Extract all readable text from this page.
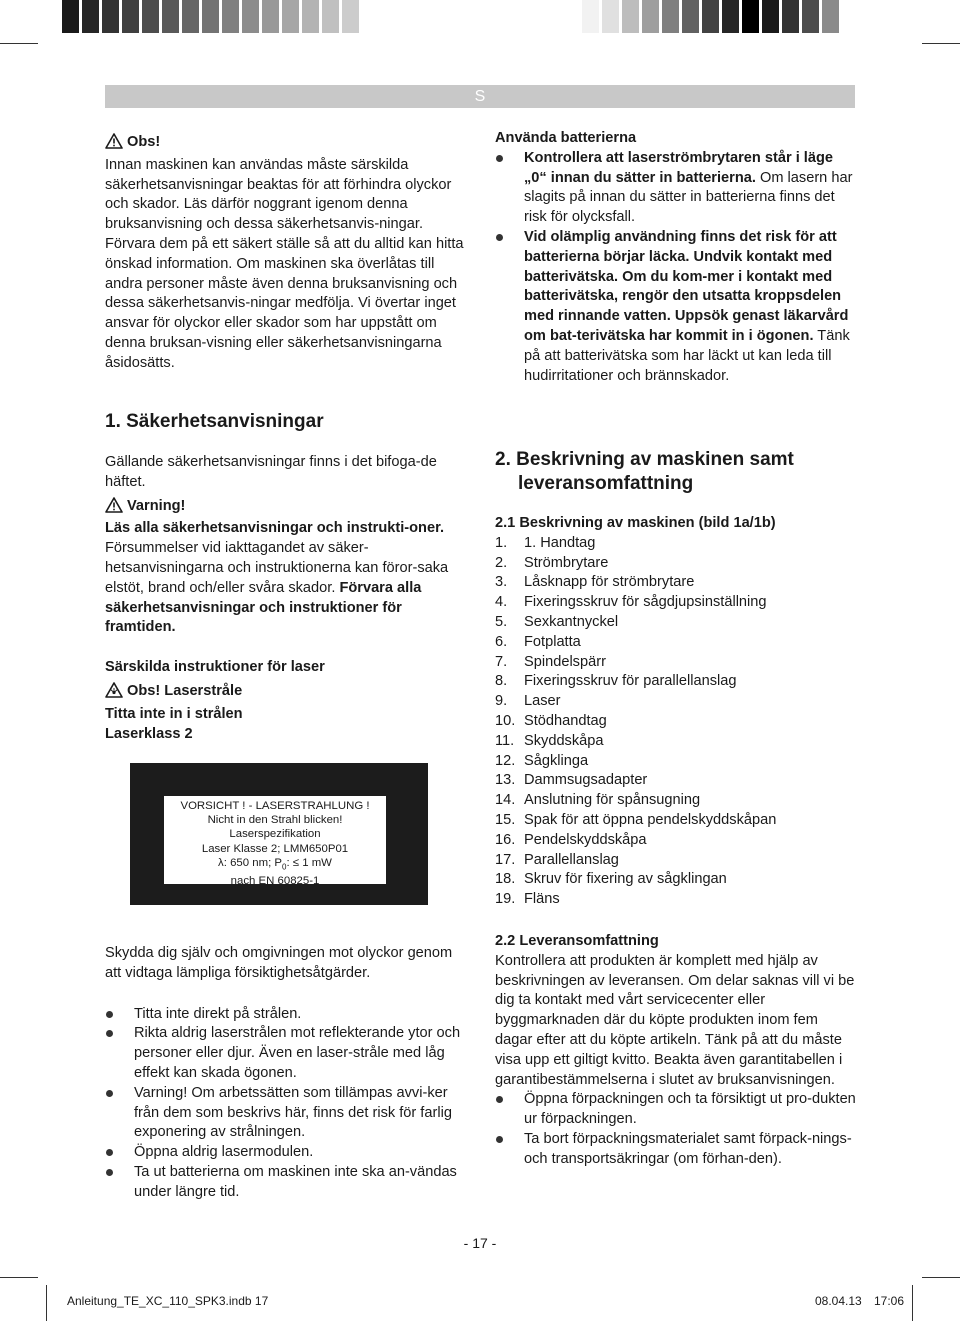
S

Obs!

Innan maskinen kan användas måste särskilda säkerhetsanvisningar beaktas för att förhindra olyckor och skador. Läs därför noggrant igenom denna bruksanvisning och dessa säkerhetsanvis-ningar. Förvara dem på ett säkert ställe så att du alltid kan hitta önskad information. Om maskinen ska överlåtas till andra personer måste även denna bruksanvisning och dessa säkerhetsanvis-ningar medfölja. Vi övertar inget ansvar för olyckor eller skador som har uppstått om denna bruksan-visning eller säkerhetsanvisningarna åsidosätts.

1. Säkerhetsanvisningar

Gällande säkerhetsanvisningar finns i det bifoga-de häftet.

Varning!

Läs alla säkerhetsanvisningar och instrukti-oner. Försummelser vid iakttagandet av säker-hetsanvisningarna och instruktionerna kan föror-saka elstöt, brand och/eller svåra skador. Förvara alla säkerhetsanvisningar och instruktioner för framtiden.

Särskilda instruktioner för laser

Obs! Laserstråle

Titta inte in i strålen

Laserklass 2

VORSICHT ! - LASERSTRAHLUNG !
Nicht in den Strahl blicken!
Laserspezifikation
Laser Klasse 2; LMM650P01
λ: 650 nm; $P_0$: ≤ 1 mW
nach EN 60825-1

Skydda dig själv och omgivningen mot olyckor genom att vidtaga lämpliga försiktighetsåtgärder.

Titta inte direkt på strålen.
Rikta aldrig laserstrålen mot reflekterande ytor och personer eller djur. Även en laser-stråle med låg effekt kan skada ögonen.
Varning! Om arbetssätten som tillämpas avvi-ker från dem som beskrivs här, finns det risk för farlig exponering av strålningen.
Öppna aldrig lasermodulen.
Ta ut batterierna om maskinen inte ska an-vändas under längre tid.

Använda batterierna

Kontrollera att laserströmbrytaren står i läge „0“ innan du sätter in batterierna. Om lasern har slagits på innan du sätter in batterierna finns det risk för olycksfall.
Vid olämplig användning finns det risk för att batterierna börjar läcka. Undvik kontakt med batterivätska. Om du kom-mer i kontakt med batterivätska, rengör den utsatta kroppsdelen med rinnande vatten. Uppsök genast läkarvård om bat-terivätska har kommit in i ögonen. Tänk på att batterivätska som har läckt ut kan leda till hudirritationer och brännskador.

2. Beskrivning av maskinen samt

leveransomfattning

2.1 Beskrivning av maskinen (bild 1a/1b)

1.	1. Handtag
2.	Strömbrytare
3.	Låsknapp för strömbrytare
4.	Fixeringsskruv för sågdjupsinställning
5.	Sexkantnyckel
6.	Fotplatta
7.	Spindelspärr
8.	Fixeringsskruv för parallellanslag
9.	Laser
10. Stödhandtag
11. Skyddskåpa
12. Sågklinga
13. Dammsugsadapter
14. Anslutning för spånsugning
15. Spak för att öppna pendelskyddskåpan
16. Pendelskyddskåpa
17. Parallellanslag
18. Skruv för fixering av sågklingan
19. Fläns

2.2 Leveransomfattning

Kontrollera att produkten är komplett med hjälp av beskrivningen av leveransen. Om delar saknas vill vi be dig ta kontakt med vårt servicecenter eller byggmarknaden där du köpte produkten inom fem dagar efter att du köpte artikeln. Tänk på att du måste visa upp ett giltigt kvitto. Beakta även garantitabellen i garantibestämmelserna i slutet av bruksanvisningen.

Öppna förpackningen och ta försiktigt ut pro-dukten ur förpackningen.
Ta bort förpackningsmaterialet samt förpack-nings- och transportsäkringar (om förhan-den).
- 17 -
Anleitung_TE_XC_110_SPK3.indb 17	08.04.13 17:06
